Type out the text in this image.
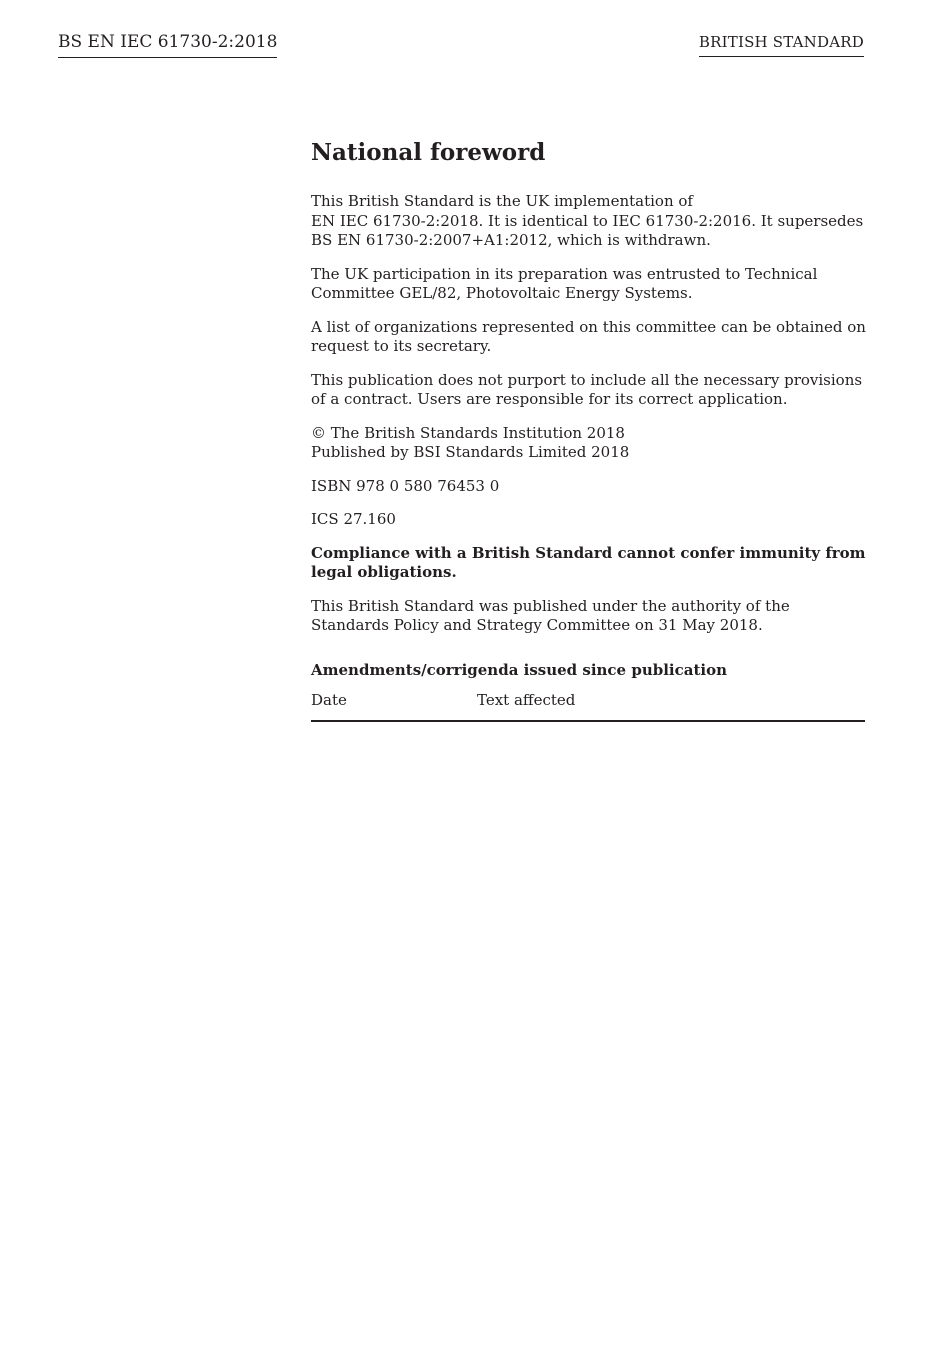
BS EN IEC 61730-2:2018	BRITISH STANDARD
National foreword

This British Standard is the UK implementation of
EN IEC 61730-2:2018. It is identical to IEC 61730-2:2016. It supersedes
BS EN 61730-2:2007+A1:2012, which is withdrawn.

The UK participation in its preparation was entrusted to Technical
Committee GEL/82, Photovoltaic Energy Systems.

A list of organizations represented on this committee can be obtained on
request to its secretary.

This publication does not purport to include all the necessary provisions
of a contract. Users are responsible for its correct application.

© The British Standards Institution 2018
Published by BSI Standards Limited 2018

ISBN 978 0 580 76453 0

ICS 27.160

Compliance with a British Standard cannot confer immunity from
legal obligations.

This British Standard was published under the authority of the
Standards Policy and Strategy Committee on 31 May 2018.

Amendments/corrigenda issued since publication
Date	Text affected
